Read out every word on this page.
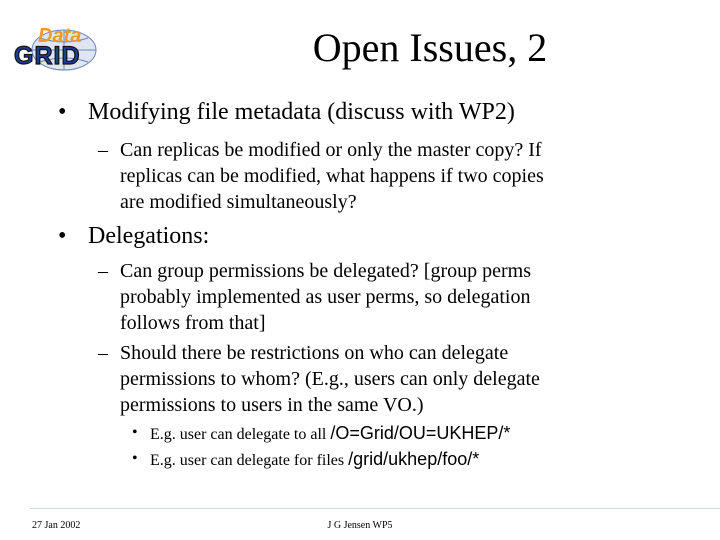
Data
GRID	Open Issues, 2
• Modifying file metadata (discuss with WP2)
– Can replicas be modified or only the master copy? If
replicas can be modified, what happens if two copies
are modified simultaneously?
• Delegations:
– Can group permissions be delegated? [group perms
probably implemented as user perms, so delegation
follows from that]
– Should there be restrictions on who can delegate
permissions to whom? (E.g., users can only delegate
permissions to users in the same VO.)
• E.g. user can delegate to all /O=Grid/OU=UKHEP/*
• E.g. user can delegate for files /grid/ukhep/foo/*
27 Jan 2002	J G Jensen WP5
